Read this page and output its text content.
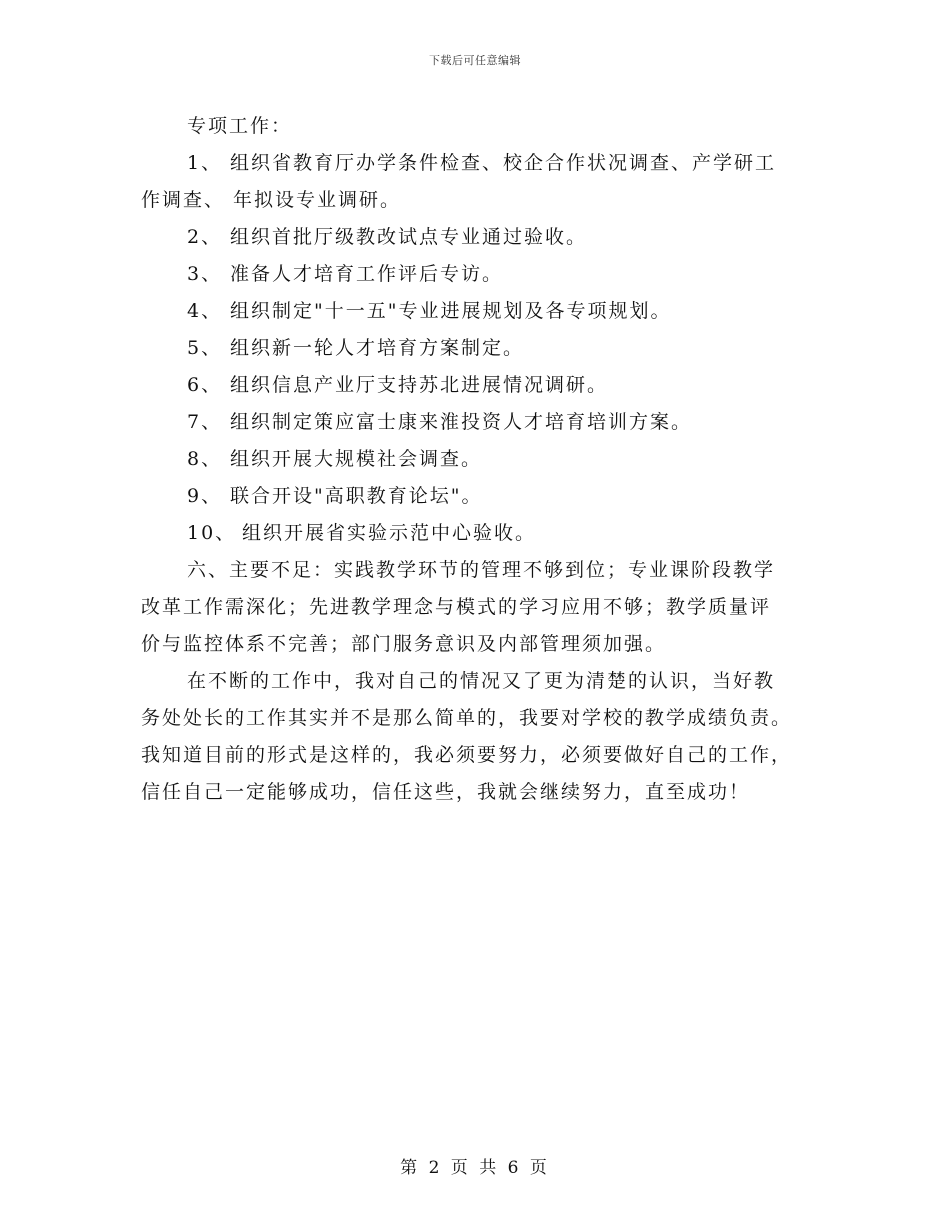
下载后可任意编辑
专项工作：
1、 组织省教育厅办学条件检查、校企合作状况调查、产学研工
作调查、 年拟设专业调研。
2、 组织首批厅级教改试点专业通过验收。
3、 准备人才培育工作评后专访。
4、 组织制定"十一五"专业进展规划及各专项规划。
5、 组织新一轮人才培育方案制定。
6、 组织信息产业厅支持苏北进展情况调研。
7、 组织制定策应富士康来淮投资人才培育培训方案。
8、 组织开展大规模社会调查。
9、 联合开设"高职教育论坛"。
10、 组织开展省实验示范中心验收。
六、主要不足：实践教学环节的管理不够到位；专业课阶段教学
改革工作需深化；先进教学理念与模式的学习应用不够；教学质量评
价与监控体系不完善；部门服务意识及内部管理须加强。
在不断的工作中，我对自己的情况又了更为清楚的认识，当好教
务处处长的工作其实并不是那么简单的，我要对学校的教学成绩负责。
我知道目前的形式是这样的，我必须要努力，必须要做好自己的工作，
信任自己一定能够成功，信任这些，我就会继续努力，直至成功！
第 2 页 共 6 页
